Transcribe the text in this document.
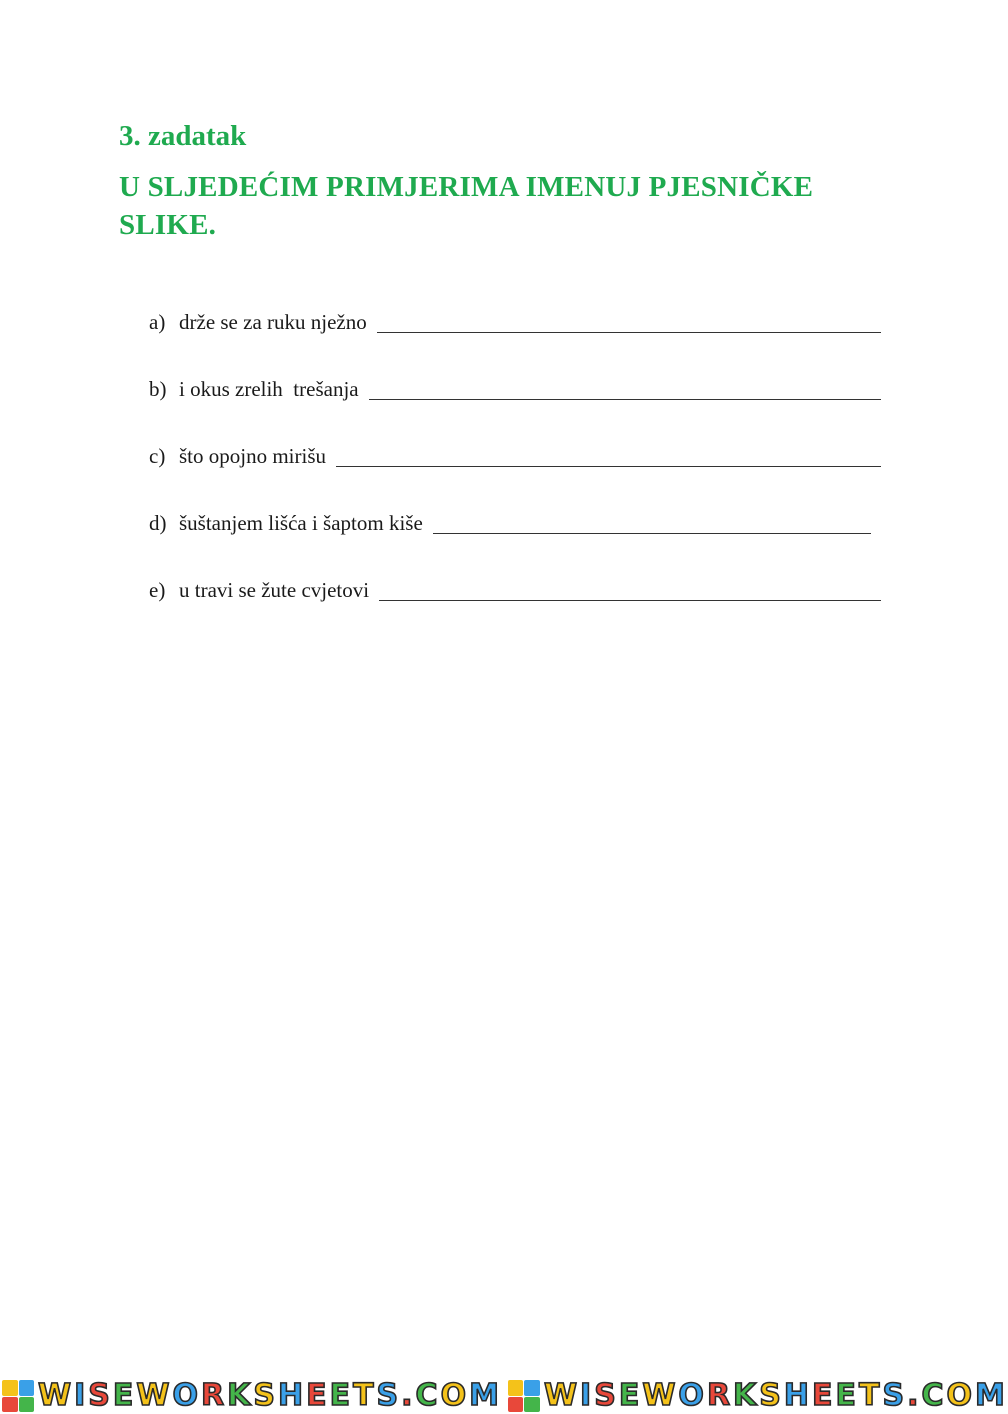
3. zadatak
U SLJEDEĆIM PRIMJERIMA IMENUJ PJESNIČKE SLIKE.
a) drže se za ruku nježno
b) i okus zrelih  trešanja
c) što opojno mirišu
d) šuštanjem lišća i šaptom kiše
e) u travi se žute cvjetovi
WISEWORKSHEETS.COM WISEWORKSHEETS.COM
